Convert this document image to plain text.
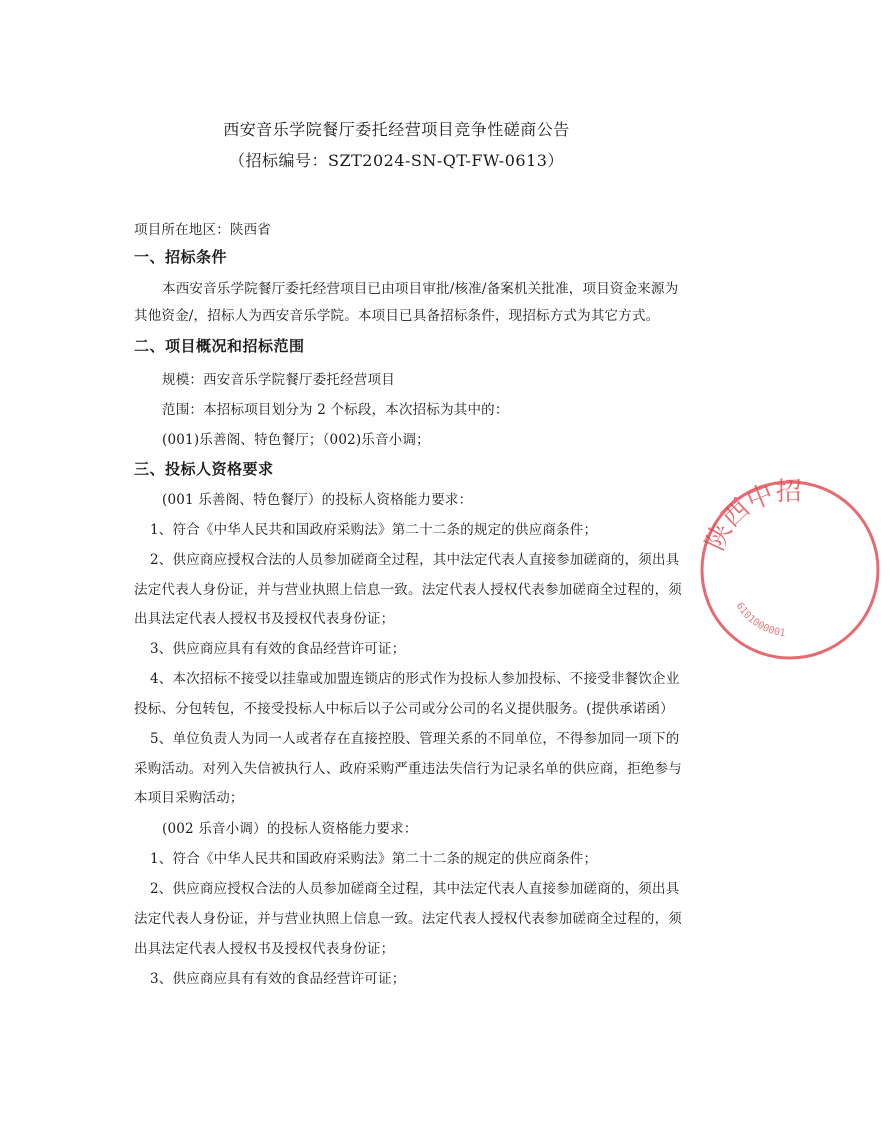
西安音乐学院餐厅委托经营项目竞争性磋商公告
（招标编号：SZT2024-SN-QT-FW-0613）
项目所在地区：陕西省
一、招标条件
本西安音乐学院餐厅委托经营项目已由项目审批/核准/备案机关批准，项目资金来源为
其他资金/，招标人为西安音乐学院。本项目已具备招标条件，现招标方式为其它方式。
二、项目概况和招标范围
规模：西安音乐学院餐厅委托经营项目
范围：本招标项目划分为 2 个标段，本次招标为其中的：
(001)乐善阁、特色餐厅；（002)乐音小调；
三、投标人资格要求
(001 乐善阁、特色餐厅）的投标人资格能力要求：
1、符合《中华人民共和国政府采购法》第二十二条的规定的供应商条件；
2、供应商应授权合法的人员参加磋商全过程，其中法定代表人直接参加磋商的，须出具
法定代表人身份证，并与营业执照上信息一致。法定代表人授权代表参加磋商全过程的，须
出具法定代表人授权书及授权代表身份证；
3、供应商应具有有效的食品经营许可证；
4、本次招标不接受以挂靠或加盟连锁店的形式作为投标人参加投标、不接受非餐饮企业
投标、分包转包，不接受投标人中标后以子公司或分公司的名义提供服务。(提供承诺函）
5、单位负责人为同一人或者存在直接控股、管理关系的不同单位，不得参加同一项下的
采购活动。对列入失信被执行人、政府采购严重违法失信行为记录名单的供应商，拒绝参与
本项目采购活动；
(002 乐音小调）的投标人资格能力要求：
1、符合《中华人民共和国政府采购法》第二十二条的规定的供应商条件；
2、供应商应授权合法的人员参加磋商全过程，其中法定代表人直接参加磋商的，须出具
法定代表人身份证，并与营业执照上信息一致。法定代表人授权代表参加磋商全过程的，须
出具法定代表人授权书及授权代表身份证；
3、供应商应具有有效的食品经营许可证；
陕西中招
6101000001
